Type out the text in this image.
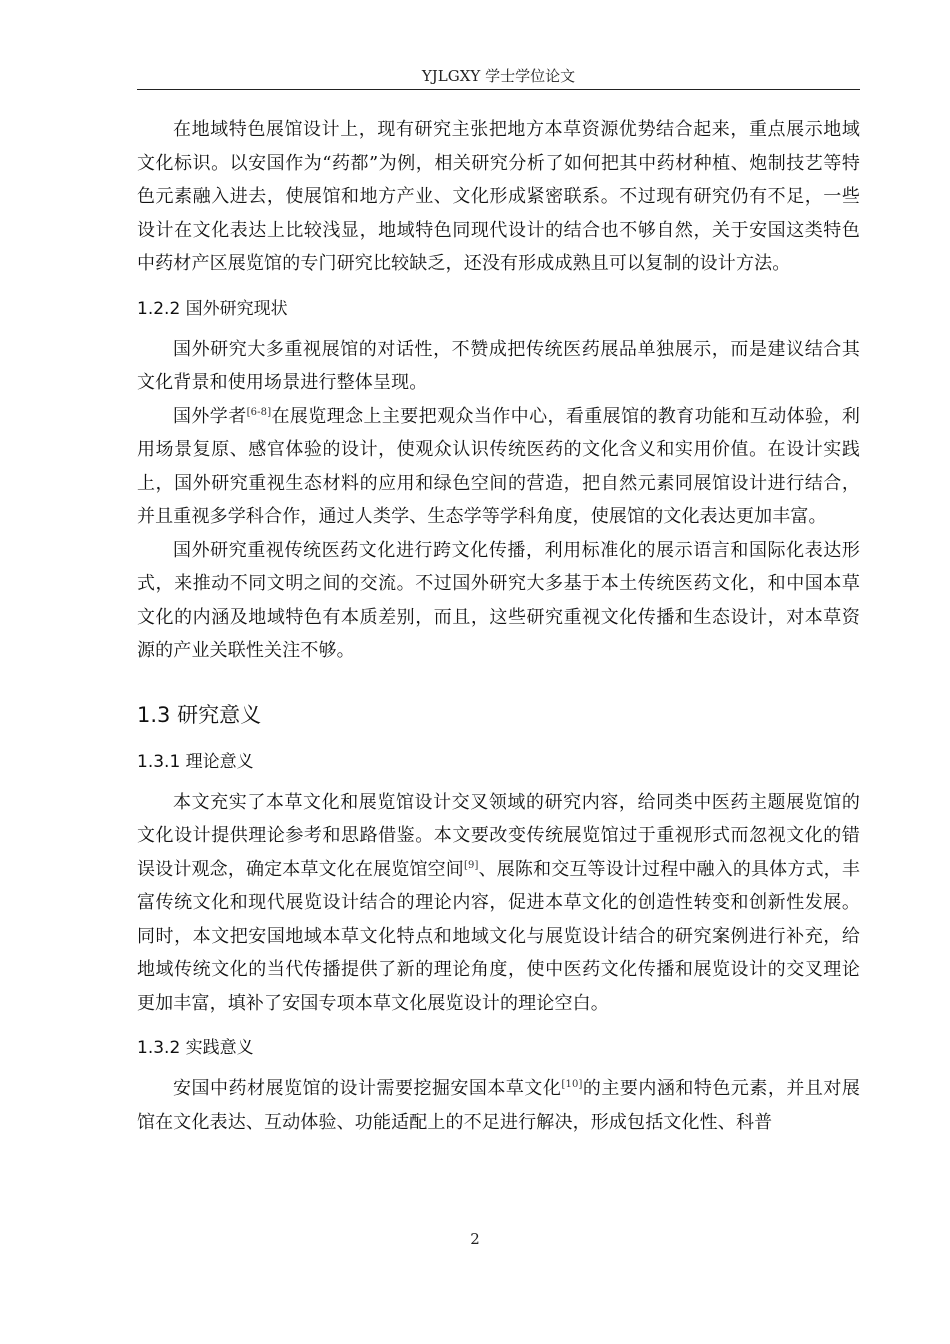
YJLGXY 学士学位论文

在地域特色展馆设计上，现有研究主张把地方本草资源优势结合起来，重点展示地域文化标识。以安国作为“药都”为例，相关研究分析了如何把其中药材种植、炮制技艺等特色元素融入进去，使展馆和地方产业、文化形成紧密联系。不过现有研究仍有不足，一些设计在文化表达上比较浅显，地域特色同现代设计的结合也不够自然，关于安国这类特色中药材产区展览馆的专门研究比较缺乏，还没有形成成熟且可以复制的设计方法。

1.2.2 国外研究现状

国外研究大多重视展馆的对话性，不赞成把传统医药展品单独展示，而是建议结合其文化背景和使用场景进行整体呈现。

国外学者[6-8]在展览理念上主要把观众当作中心，看重展馆的教育功能和互动体验，利用场景复原、感官体验的设计，使观众认识传统医药的文化含义和实用价值。在设计实践上，国外研究重视生态材料的应用和绿色空间的营造，把自然元素同展馆设计进行结合，并且重视多学科合作，通过人类学、生态学等学科角度，使展馆的文化表达更加丰富。

国外研究重视传统医药文化进行跨文化传播，利用标准化的展示语言和国际化表达形式，来推动不同文明之间的交流。不过国外研究大多基于本土传统医药文化，和中国本草文化的内涵及地域特色有本质差别，而且，这些研究重视文化传播和生态设计，对本草资源的产业关联性关注不够。

1.3 研究意义
1.3.1 理论意义

本文充实了本草文化和展览馆设计交叉领域的研究内容，给同类中医药主题展览馆的文化设计提供理论参考和思路借鉴。本文要改变传统展览馆过于重视形式而忽视文化的错误设计观念，确定本草文化在展览馆空间[9]、展陈和交互等设计过程中融入的具体方式，丰富传统文化和现代展览设计结合的理论内容，促进本草文化的创造性转变和创新性发展。同时，本文把安国地域本草文化特点和地域文化与展览设计结合的研究案例进行补充，给地域传统文化的当代传播提供了新的理论角度，使中医药文化传播和展览设计的交叉理论更加丰富，填补了安国专项本草文化展览设计的理论空白。

1.3.2 实践意义

安国中药材展览馆的设计需要挖掘安国本草文化[10]的主要内涵和特色元素，并且对展馆在文化表达、互动体验、功能适配上的不足进行解决，形成包括文化性、科普

2
